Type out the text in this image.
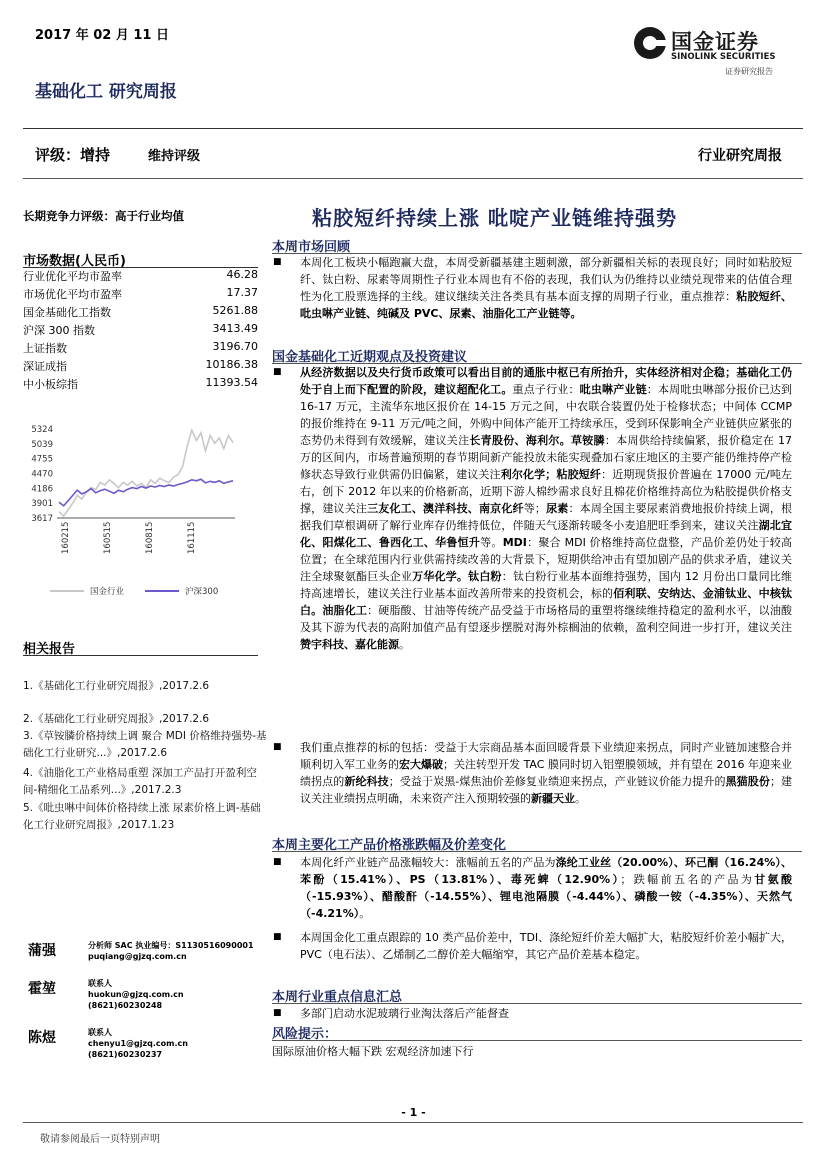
2017 年 02 月 11 日	国金证券
SINOLINK SECURITIES
证券研究报告
基础化工 研究周报
评级：增持	维持评级	行业研究周报
粘胶短纤持续上涨 吡啶产业链维持强势
长期竞争力评级：高于行业均值
市场数据(人民币)
行业优化平均市盈率	46.28
市场优化平均市盈率	17.37
国金基础化工指数	5261.88
沪深 300 指数	3413.49
上证指数	3196.70
深证成指	10186.38
中小板综指	11393.54
3617
3901
4186
4470
4755
5039
5324
160215	160515	160815	161115
国金行业	沪深300
相关报告
1.《基础化工行业研究周报》,2017.2.6
2.《基础化工行业研究周报》,2017.2.6
3.《草铵膦价格持续上调 聚合 MDI 价格维持强势-基础化工行业研究...》,2017.2.6
4.《油脂化工产业格局重塑 深加工产品打开盈利空间-精细化工品系列...》,2017.2.3
5.《吡虫啉中间体价格持续上涨 尿素价格上调-基础化工行业研究周报》,2017.1.23
蒲强	分析师 SAC 执业编号：S1130516090001
puqiang@gjzq.com.cn
霍堃	联系人
huokun@gjzq.com.cn
(8621)60230248
陈煜	联系人
chenyu1@gjzq.com.cn
(8621)60230237
本周市场回顾
■ 本周化工板块小幅跑赢大盘，本周受新疆基建主题刺激，部分新疆相关标的表现良好；同时如粘胶短纤、钛白粉、尿素等周期性子行业本周也有不俗的表现，我们认为仍维持以业绩兑现带来的估值合理性为化工股票选择的主线。建议继续关注各类具有基本面支撑的周期子行业，重点推荐：粘胶短纤、吡虫啉产业链、纯碱及 PVC、尿素、油脂化工产业链等。
国金基础化工近期观点及投资建议
■ 从经济数据以及央行货币政策可以看出目前的通胀中枢已有所抬升，实体经济相对企稳；基础化工仍处于自上而下配置的阶段，建议超配化工。重点子行业：吡虫啉产业链：本周吡虫啉部分报价已达到 16-17 万元，主流华东地区报价在 14-15 万元之间，中农联合装置仍处于检修状态；中间体 CCMP 的报价维持在 9-11 万元/吨之间，外购中间体产能开工持续承压，受到环保影响全产业链供应紧张的态势仍未得到有效缓解，建议关注长青股份、海利尔。草铵膦：本周供给持续偏紧，报价稳定在 17 万的区间内，市场普遍预期的春节期间新产能投放未能实现叠加石家庄地区的主要产能仍维持停产检修状态导致行业供需仍旧偏紧，建议关注利尔化学；粘胶短纤：近期现货报价普遍在 17000 元/吨左右，创下 2012 年以来的价格新高，近期下游人棉纱需求良好且棉花价格维持高位为粘胶提供价格支撑，建议关注三友化工、澳洋科技、南京化纤等；尿素：本周全国主要尿素消费地报价持续上调，根据我们草根调研了解行业库存仍维持低位，伴随天气逐渐转暖冬小麦追肥旺季到来，建议关注湖北宜化、阳煤化工、鲁西化工、华鲁恒升等。MDI：聚合 MDI 价格维持高位盘整，产品价差仍处于较高位置；在全球范围内行业供需持续改善的大背景下，短期供给冲击有望加剧产品的供求矛盾，建议关注全球聚氨酯巨头企业万华化学。钛白粉：钛白粉行业基本面维持强势，国内 12 月份出口量同比维持高速增长，建议关注行业基本面改善所带来的投资机会，标的佰利联、安纳达、金浦钛业、中核钛白。油脂化工：硬脂酸、甘油等传统产品受益于市场格局的重塑将继续维持稳定的盈利水平，以油酸及其下游为代表的高附加值产品有望逐步摆脱对海外棕榈油的依赖，盈利空间进一步打开，建议关注赞宇科技、嘉化能源。
■ 我们重点推荐的标的包括：受益于大宗商品基本面回暖背景下业绩迎来拐点，同时产业链加速整合并顺利切入军工业务的宏大爆破；关注转型开发 TAC 膜同时切入铝塑膜领域，并有望在 2016 年迎来业绩拐点的新纶科技；受益于炭黑-煤焦油价差修复业绩迎来拐点，产业链议价能力提升的黑猫股份；建议关注业绩拐点明确，未来资产注入预期较强的新疆天业。
本周主要化工产品价格涨跌幅及价差变化
■ 本周化纤产业链产品涨幅较大：涨幅前五名的产品为涤纶工业丝（20.00%）、环己酮（16.24%）、苯酚（15.41%）、PS（13.81%）、毒死蜱（12.90%）；跌幅前五名的产品为甘氨酸（-15.93%）、醋酸酐（-14.55%）、锂电池隔膜（-4.44%）、磷酸一铵（-4.35%）、天然气（-4.21%）。
■ 本周国金化工重点跟踪的 10 类产品价差中，TDI、涤纶短纤价差大幅扩大，粘胶短纤价差小幅扩大，PVC（电石法）、乙烯制乙二醇价差大幅缩窄，其它产品价差基本稳定。
本周行业重点信息汇总
■ 多部门启动水泥玻璃行业淘汰落后产能督查
风险提示：
国际原油价格大幅下跌 宏观经济加速下行
- 1 -
敬请参阅最后一页特别声明
